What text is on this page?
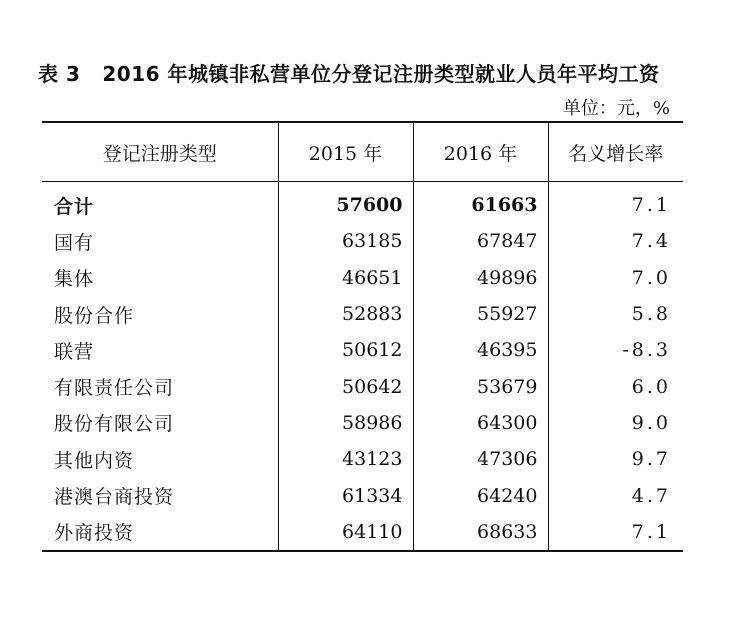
表 3 2016 年城镇非私营单位分登记注册类型就业人员年平均工资
单位：元，%
登记注册类型	2015 年	2016 年	名义增长率
合计	57600	61663	7.1
国有	63185	67847	7.4
集体	46651	49896	7.0
股份合作	52883	55927	5.8
联营	50612	46395	-8.3
有限责任公司	50642	53679	6.0
股份有限公司	58986	64300	9.0
其他内资	43123	47306	9.7
港澳台商投资	61334	64240	4.7
外商投资	64110	68633	7.1
